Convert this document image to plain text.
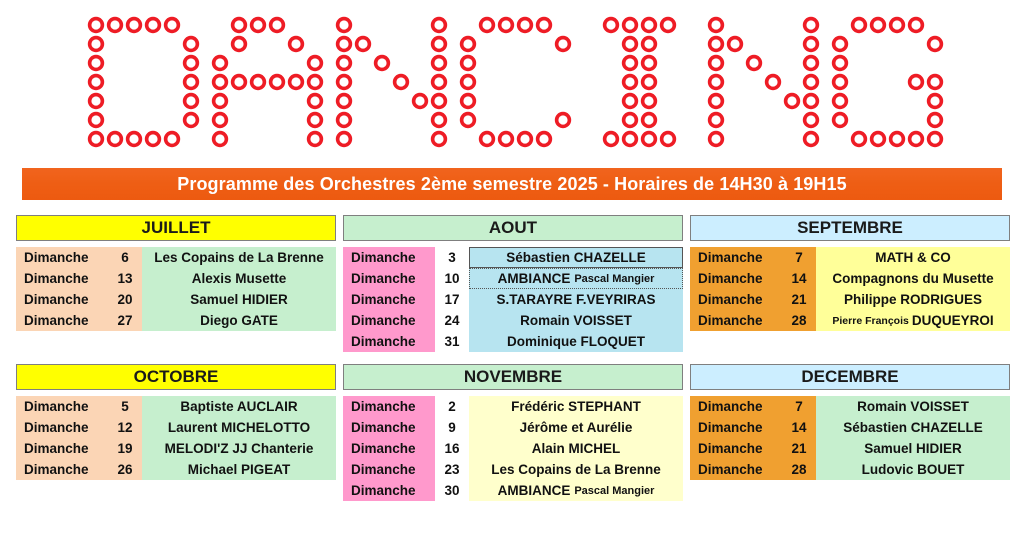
Programme des Orchestres 2ème semestre 2025 - Horaires de 14H30 à 19H15
JUILLET
Dimanche	6	Les Copains de La Brenne
Dimanche	13	Alexis Musette
Dimanche	20	Samuel HIDIER
Dimanche	27	Diego GATE
AOUT
Dimanche	3	Sébastien CHAZELLE
Dimanche	10	AMBIANCE Pascal Mangier
Dimanche	17	S.TARAYRE F.VEYRIRAS
Dimanche	24	Romain VOISSET
Dimanche	31	Dominique FLOQUET
SEPTEMBRE
Dimanche	7	MATH & CO
Dimanche	14	Compagnons du Musette
Dimanche	21	Philippe RODRIGUES
Dimanche	28	Pierre François DUQUEYROI
OCTOBRE
Dimanche	5	Baptiste AUCLAIR
Dimanche	12	Laurent MICHELOTTO
Dimanche	19	MELODI'Z JJ Chanterie
Dimanche	26	Michael PIGEAT
NOVEMBRE
Dimanche	2	Frédéric STEPHANT
Dimanche	9	Jérôme et Aurélie
Dimanche	16	Alain MICHEL
Dimanche	23	Les Copains de La Brenne
Dimanche	30	AMBIANCE Pascal Mangier
DECEMBRE
Dimanche	7	Romain VOISSET
Dimanche	14	Sébastien CHAZELLE
Dimanche	21	Samuel HIDIER
Dimanche	28	Ludovic BOUET
